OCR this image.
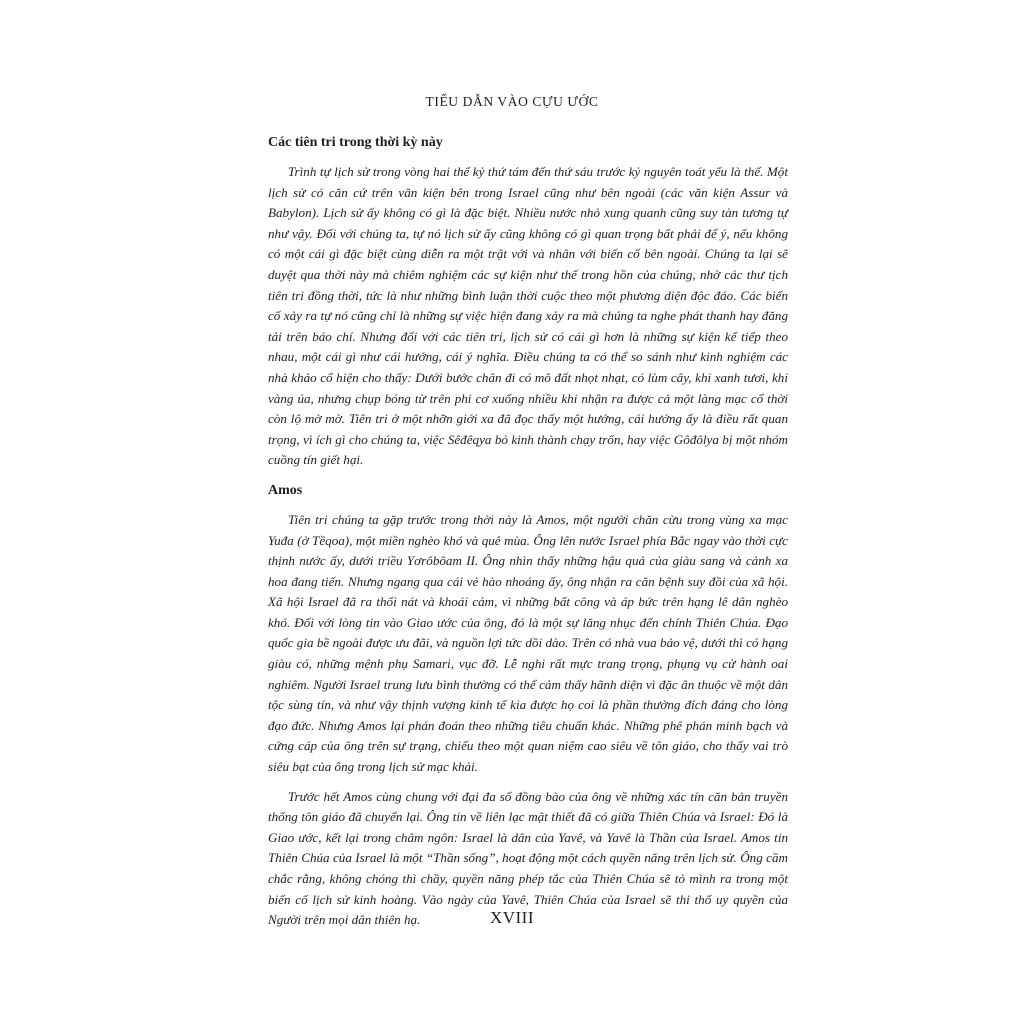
TIỂU DẪN VÀO CỰU ƯỚC
Các tiên tri trong thời kỳ này

Trình tự lịch sử trong vòng hai thế kỷ thứ tám đến thứ sáu trước kỷ nguyên toát yếu là thế. Một lịch sử có căn cứ trên văn kiện bên trong Israel cũng như bên ngoài (các văn kiện Assur và Babylon). Lịch sử ấy không có gì là đặc biệt. Nhiều nước nhỏ xung quanh cũng suy tàn tương tự như vậy. Đối với chúng ta, tự nó lịch sử ấy cũng không có gì quan trọng bất phải để ý, nếu không có một cái gì đặc biệt cùng diễn ra một trật với và nhân với biến cố bên ngoài. Chúng ta lại sẽ duyệt qua thời này mà chiêm nghiệm các sự kiện như thế trong hồn của chúng, nhờ các thư tịch tiên tri đồng thời, tức là như những bình luận thời cuộc theo một phương diện độc đáo. Các biến cố xảy ra tự nó cũng chỉ là những sự việc hiện đang xảy ra mà chúng ta nghe phát thanh hay đăng tải trên báo chí. Nhưng đối với các tiên tri, lịch sử có cái gì hơn là những sự kiện kế tiếp theo nhau, một cái gì như cái hướng, cái ý nghĩa. Điều chúng ta có thể so sánh như kinh nghiệm các nhà khảo cổ hiện cho thấy: Dưới bước chân đi có mô đất nhọt nhạt, có lùm cây, khi xanh tươi, khi vàng úa, nhưng chụp bóng từ trên phi cơ xuống nhiều khi nhận ra được cả một làng mạc cổ thời còn lộ mờ mờ. Tiên tri ở một nhỡn giới xa đã đọc thấy một hướng, cái hướng ấy là điều rất quan trọng, vì ích gì cho chúng ta, việc Sêđêqya bỏ kinh thành chạy trốn, hay việc Gôđôlya bị một nhóm cuồng tín giết hại.

Amos

Tiên tri chúng ta gặp trước trong thời này là Amos, một người chăn cừu trong vùng xa mạc Yuđa (ở Tềqoa), một miền nghèo khó và quê mùa. Ông lên nước Israel phía Bắc ngay vào thời cực thịnh nước ấy, dưới triều Yơrôbôam II. Ông nhìn thấy những hậu quả của giàu sang và cảnh xa hoa đang tiến. Nhưng ngang qua cái vẻ hào nhoáng ấy, ông nhận ra căn bệnh suy đồi của xã hội. Xã hội Israel đã ra thối nát và khoái cảm, vì những bất công và áp bức trên hạng lê dân nghèo khó. Đối với lòng tin vào Giao ước của ông, đó là một sự lăng nhục đến chính Thiên Chúa. Đạo quốc gia bề ngoài được ưu đãi, và nguồn lợi tức dồi dào. Trên có nhà vua bảo vệ, dưới thì có hạng giàu có, những mệnh phụ Samari, vục đỡ. Lễ nghi rất mực trang trọng, phụng vụ cử hành oai nghiêm. Người Israel trung lưu bình thường có thể cảm thấy hãnh diện vì đặc ân thuộc về một dân tộc sùng tín, và như vậy thịnh vượng kinh tế kia được họ coi là phần thưởng đích đáng cho lòng đạo đức. Nhưng Amos lại phán đoán theo những tiêu chuẩn khác. Những phê phán minh bạch và cứng cáp của ông trên sự trạng, chiếu theo một quan niệm cao siêu về tôn giáo, cho thấy vai trò siêu bạt của ông trong lịch sử mạc khải.

Trước hết Amos cùng chung với đại đa số đồng bào của ông về những xác tín căn bản truyền thống tôn giáo đã chuyển lại. Ông tin về liên lạc mật thiết đã có giữa Thiên Chúa và Israel: Đó là Giao ước, kết lại trong châm ngôn: Israel là dân của Yavê, và Yavê là Thần của Israel. Amos tin Thiên Chúa của Israel là một “Thần sống”, hoạt động một cách quyền năng trên lịch sử. Ông cầm chắc rằng, không chóng thì chầy, quyền năng phép tắc của Thiên Chúa sẽ tỏ mình ra trong một biến cố lịch sử kinh hoàng. Vào ngày của Yavê, Thiên Chúa của Israel sẽ thi thố uy quyền của Người trên mọi dân thiên hạ.	XVIII
